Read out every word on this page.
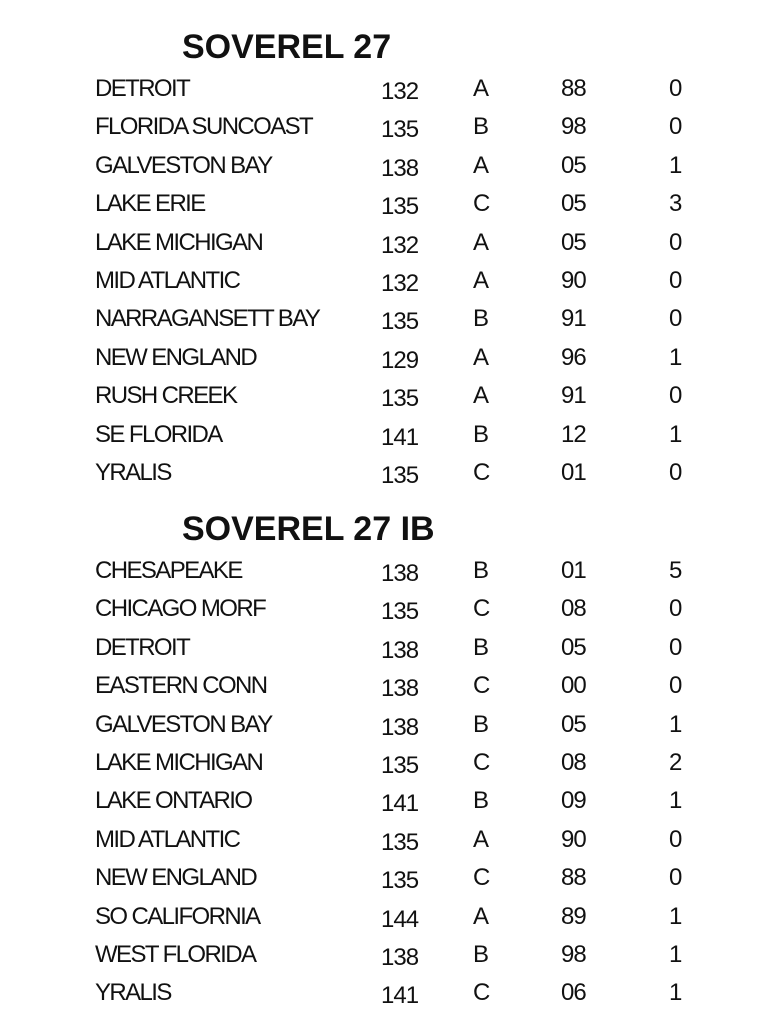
SOVEREL 27
DETROIT	132 A	88	0
FLORIDA SUNCOAST	135 B	98	0
GALVESTON BAY	138 A	05	1
LAKE ERIE	135 C	05	3
LAKE MICHIGAN	132 A	05	0
MID ATLANTIC	132 A	90	0
NARRAGANSETT BAY	135 B	91	0
NEW ENGLAND	129 A	96	1
RUSH CREEK	135 A	91	0
SE FLORIDA	141 B	12	1
YRALIS	135 C	01	0
SOVEREL 27 IB
CHESAPEAKE	138 B	01	5
CHICAGO MORF	135 C	08	0
DETROIT	138 B	05	0
EASTERN CONN	138 C	00	0
GALVESTON BAY	138 B	05	1
LAKE MICHIGAN	135 C	08	2
LAKE ONTARIO	141 B	09	1
MID ATLANTIC	135 A	90	0
NEW ENGLAND	135 C	88	0
SO CALIFORNIA	144 A	89	1
WEST FLORIDA	138 B	98	1
YRALIS	141 C	06	1
